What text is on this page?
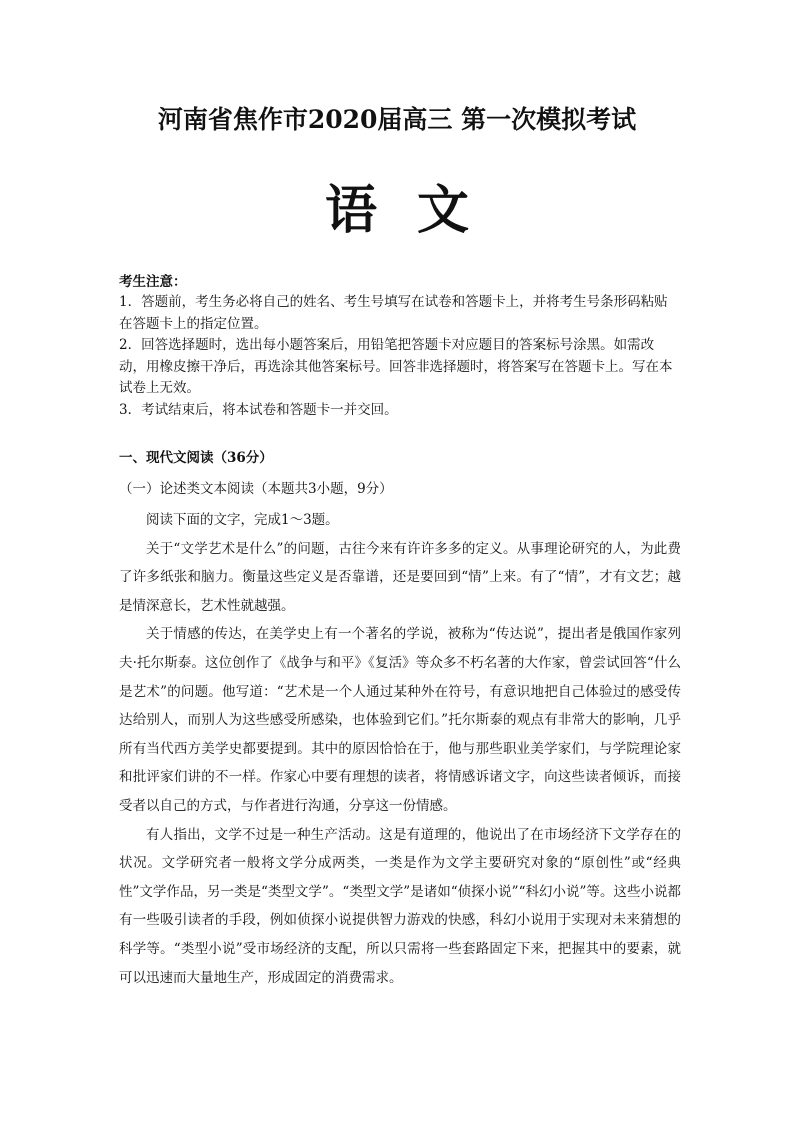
河南省焦作市2020届高三 第一次模拟考试
语文
考生注意：
1．答题前，考生务必将自己的姓名、考生号填写在试卷和答题卡上，并将考生号条形码粘贴在答题卡上的指定位置。
2．回答选择题时，选出每小题答案后，用铅笔把答题卡对应题目的答案标号涂黑。如需改动，用橡皮擦干净后，再选涂其他答案标号。回答非选择题时，将答案写在答题卡上。写在本试卷上无效。
3．考试结束后，将本试卷和答题卡一并交回。
一、现代文阅读（36分）
（一）论述类文本阅读（本题共3小题，9分）

阅读下面的文字，完成1～3题。

关于“文学艺术是什么”的问题，古往今来有许许多多的定义。从事理论研究的人，为此费了许多纸张和脑力。衡量这些定义是否靠谱，还是要回到“情”上来。有了“情”，才有文艺；越是情深意长，艺术性就越强。

关于情感的传达，在美学史上有一个著名的学说，被称为“传达说”，提出者是俄国作家列夫·托尔斯泰。这位创作了《战争与和平》《复活》等众多不朽名著的大作家，曾尝试回答“什么是艺术”的问题。他写道：“艺术是一个人通过某种外在符号，有意识地把自己体验过的感受传达给别人，而别人为这些感受所感染，也体验到它们。”托尔斯泰的观点有非常大的影响，几乎所有当代西方美学史都要提到。其中的原因恰恰在于，他与那些职业美学家们，与学院理论家和批评家们讲的不一样。作家心中要有理想的读者，将情感诉诸文字，向这些读者倾诉，而接受者以自己的方式，与作者进行沟通，分享这一份情感。

有人指出，文学不过是一种生产活动。这是有道理的，他说出了在市场经济下文学存在的状况。文学研究者一般将文学分成两类，一类是作为文学主要研究对象的“原创性”或“经典性”文学作品，另一类是“类型文学”。“类型文学”是诸如“侦探小说”“科幻小说”等。这些小说都有一些吸引读者的手段，例如侦探小说提供智力游戏的快感，科幻小说用于实现对未来猜想的科学等。“类型小说”受市场经济的支配，所以只需将一些套路固定下来，把握其中的要素，就可以迅速而大量地生产，形成固定的消费需求。
